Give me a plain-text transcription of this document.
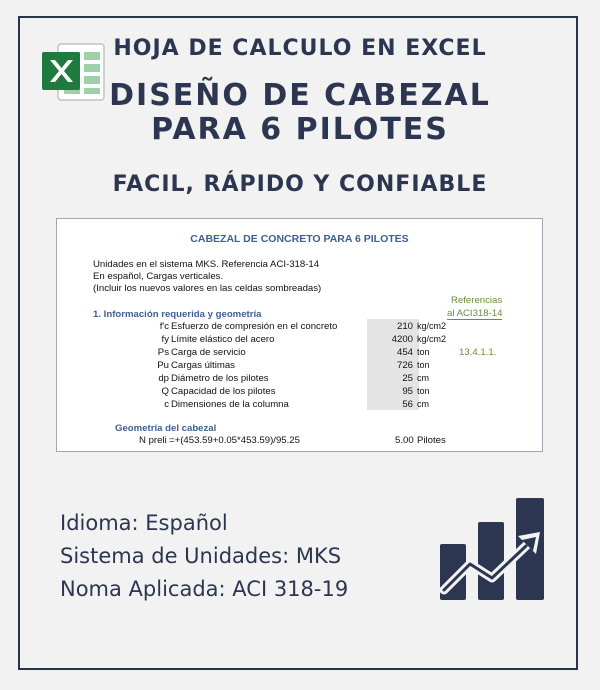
HOJA DE CALCULO EN EXCEL
DISEÑO DE CABEZAL
PARA 6 PILOTES
FACIL, RÁPIDO Y CONFIABLE
CABEZAL DE CONCRETO PARA 6 PILOTES
Unidades en el sistema MKS. Referencia ACI-318-14
En español, Cargas verticales.
(Incluir los nuevos valores en las celdas sombreadas)
Referencias
al ACI318-14
1. Información requerida y geometría
f'c Esfuerzo de compresión en el concreto	210 kg/cm2
fy Límite elástico del acero	4200 kg/cm2
Ps Carga de servicio	454 ton	13.4.1.1.
Pu Cargas últimas	726 ton
dp Diámetro de los pilotes	25 cm
Q Capacidad de los pilotes	95 ton
c Dimensiones de la columna	56 cm
Geometría del cabezal
N preli =+(453.59+0.05*453.59)/95.25	5.00 Pilotes
Idioma: Español
Sistema de Unidades: MKS
Noma Aplicada: ACI 318-19
